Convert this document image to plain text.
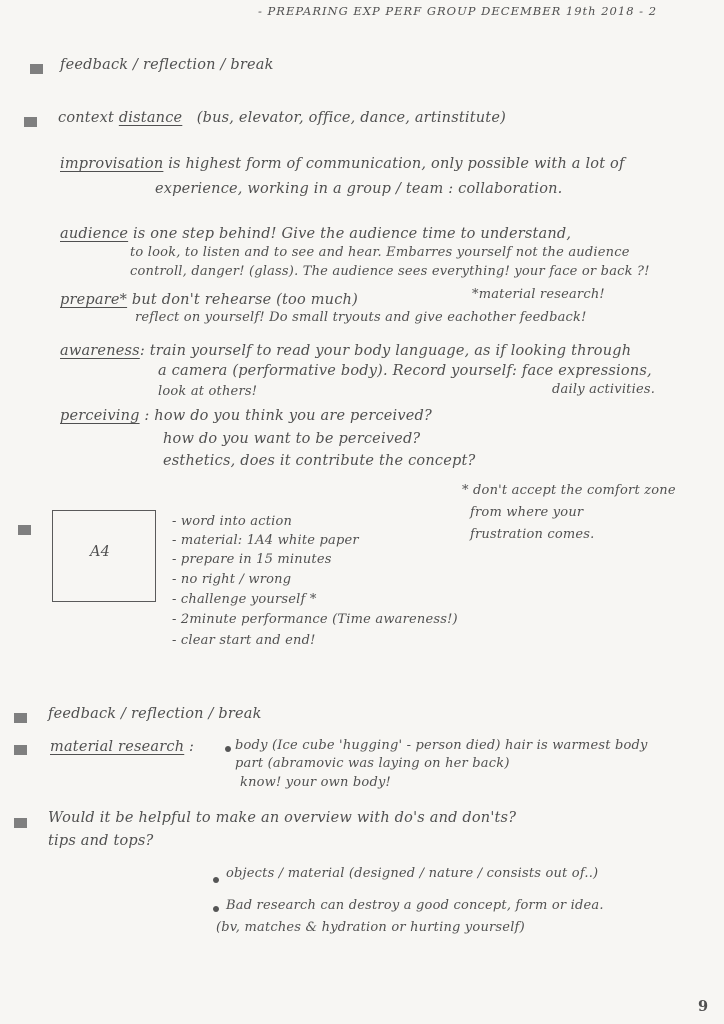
- PREPARING EXP PERF GROUP DECEMBER 19th 2018 - 2
feedback / reflection / break
context distance (bus, elevator, office, dance, artinstitute)
improvisation is highest form of communication, only possible with a lot of
experience, working in a group / team : collaboration.
audience is one step behind! Give the audience time to understand,
to look, to listen and to see and hear. Embarres yourself not the audience
controll, danger! (glass). The audience sees everything! your face or back ?!
prepare* but don't rehearse (too much)	*material research!
reflect on yourself! Do small tryouts and give eachother feedback!
awareness: train yourself to read your body language, as if looking through
a camera (performative body). Record yourself: face expressions,
look at others!	daily activities.
perceiving : how do you think you are perceived?
how do you want to be perceived?
esthetics, does it contribute the concept?
* don't accept the comfort zone
from where your
frustration comes.
A4
- word into action
- material: 1A4 white paper
- prepare in 15 minutes
- no right / wrong
- challenge yourself *
- 2minute performance (Time awareness!)
- clear start and end!
feedback / reflection / break
material research :	body (Ice cube 'hugging' - person died) hair is warmest body
part (abramovic was laying on her back)
know! your own body!
Would it be helpful to make an overview with do's and don'ts?
tips and tops?
objects / material (designed / nature / consists out of..)
Bad research can destroy a good concept, form or idea.
(bv, matches & hydration or hurting yourself)
9
